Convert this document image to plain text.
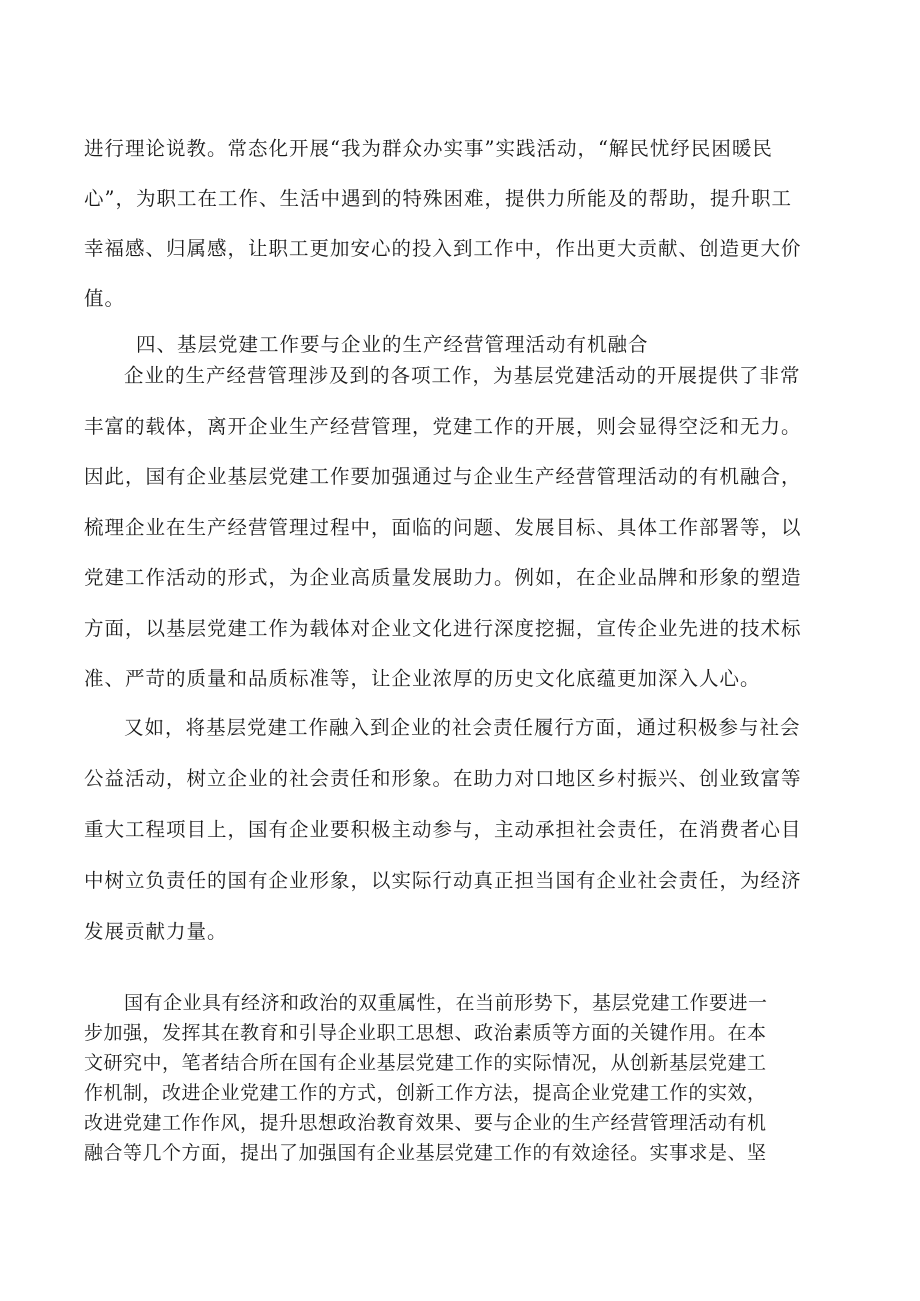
进行理论说教。常态化开展“我为群众办实事”实践活动，“解民忧纾民困暖民
心”，为职工在工作、生活中遇到的特殊困难，提供力所能及的帮助，提升职工
幸福感、归属感，让职工更加安心的投入到工作中，作出更大贡献、创造更大价
值。

四、基层党建工作要与企业的生产经营管理活动有机融合

企业的生产经营管理涉及到的各项工作，为基层党建活动的开展提供了非常
丰富的载体，离开企业生产经营管理，党建工作的开展，则会显得空泛和无力。
因此，国有企业基层党建工作要加强通过与企业生产经营管理活动的有机融合，
梳理企业在生产经营管理过程中，面临的问题、发展目标、具体工作部署等，以
党建工作活动的形式，为企业高质量发展助力。例如，在企业品牌和形象的塑造
方面，以基层党建工作为载体对企业文化进行深度挖掘，宣传企业先进的技术标
准、严苛的质量和品质标准等，让企业浓厚的历史文化底蕴更加深入人心。

又如，将基层党建工作融入到企业的社会责任履行方面，通过积极参与社会
公益活动，树立企业的社会责任和形象。在助力对口地区乡村振兴、创业致富等
重大工程项目上，国有企业要积极主动参与，主动承担社会责任，在消费者心目
中树立负责任的国有企业形象，以实际行动真正担当国有企业社会责任，为经济
发展贡献力量。

国有企业具有经济和政治的双重属性，在当前形势下，基层党建工作要进一
步加强，发挥其在教育和引导企业职工思想、政治素质等方面的关键作用。在本
文研究中，笔者结合所在国有企业基层党建工作的实际情况，从创新基层党建工
作机制，改进企业党建工作的方式，创新工作方法，提高企业党建工作的实效，
改进党建工作作风，提升思想政治教育效果、要与企业的生产经营管理活动有机
融合等几个方面，提出了加强国有企业基层党建工作的有效途径。实事求是、坚
